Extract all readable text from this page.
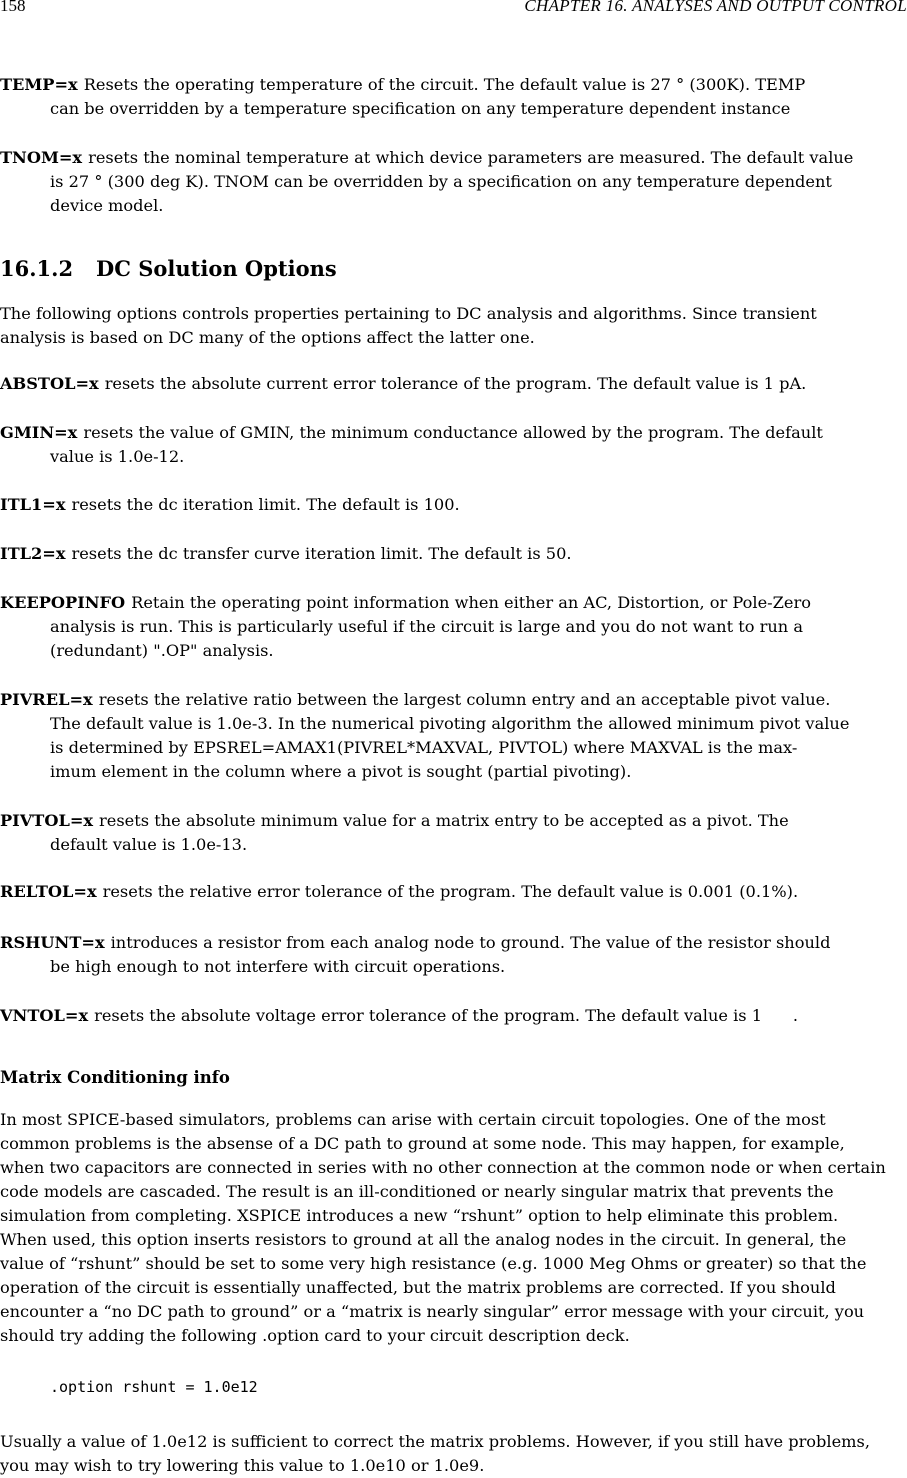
158	CHAPTER 16. ANALYSES AND OUTPUT CONTROL
TEMP=x Resets the operating temperature of the circuit. The default value is 27 ° (300K). TEMP
can be overridden by a temperature specification on any temperature dependent instance
TNOM=x resets the nominal temperature at which device parameters are measured. The default value
is 27 ° (300 deg K). TNOM can be overridden by a specification on any temperature dependent
device model.
16.1.2 DC Solution Options
The following options controls properties pertaining to DC analysis and algorithms. Since transient
analysis is based on DC many of the options affect the latter one.
ABSTOL=x resets the absolute current error tolerance of the program. The default value is 1 pA.
GMIN=x resets the value of GMIN, the minimum conductance allowed by the program. The default
value is 1.0e-12.
ITL1=x resets the dc iteration limit. The default is 100.
ITL2=x resets the dc transfer curve iteration limit. The default is 50.
KEEPOPINFO Retain the operating point information when either an AC, Distortion, or Pole-Zero
analysis is run. This is particularly useful if the circuit is large and you do not want to run a
(redundant) ".OP" analysis.
PIVREL=x resets the relative ratio between the largest column entry and an acceptable pivot value.
The default value is 1.0e-3. In the numerical pivoting algorithm the allowed minimum pivot value
is determined by EPSREL=AMAX1(PIVREL*MAXVAL, PIVTOL) where MAXVAL is the max-
imum element in the column where a pivot is sought (partial pivoting).
PIVTOL=x resets the absolute minimum value for a matrix entry to be accepted as a pivot. The
default value is 1.0e-13.
RELTOL=x resets the relative error tolerance of the program. The default value is 0.001 (0.1%).
RSHUNT=x introduces a resistor from each analog node to ground. The value of the resistor should
be high enough to not interfere with circuit operations.
VNTOL=x resets the absolute voltage error tolerance of the program. The default value is 1      .
Matrix Conditioning info
In most SPICE-based simulators, problems can arise with certain circuit topologies. One of the most
common problems is the absense of a DC path to ground at some node. This may happen, for example,
when two capacitors are connected in series with no other connection at the common node or when certain
code models are cascaded. The result is an ill-conditioned or nearly singular matrix that prevents the
simulation from completing. XSPICE introduces a new “rshunt” option to help eliminate this problem.
When used, this option inserts resistors to ground at all the analog nodes in the circuit. In general, the
value of “rshunt” should be set to some very high resistance (e.g. 1000 Meg Ohms or greater) so that the
operation of the circuit is essentially unaffected, but the matrix problems are corrected. If you should
encounter a “no DC path to ground” or a “matrix is nearly singular” error message with your circuit, you
should try adding the following .option card to your circuit description deck.
.option rshunt = 1.0e12
Usually a value of 1.0e12 is sufficient to correct the matrix problems. However, if you still have problems,
you may wish to try lowering this value to 1.0e10 or 1.0e9.
